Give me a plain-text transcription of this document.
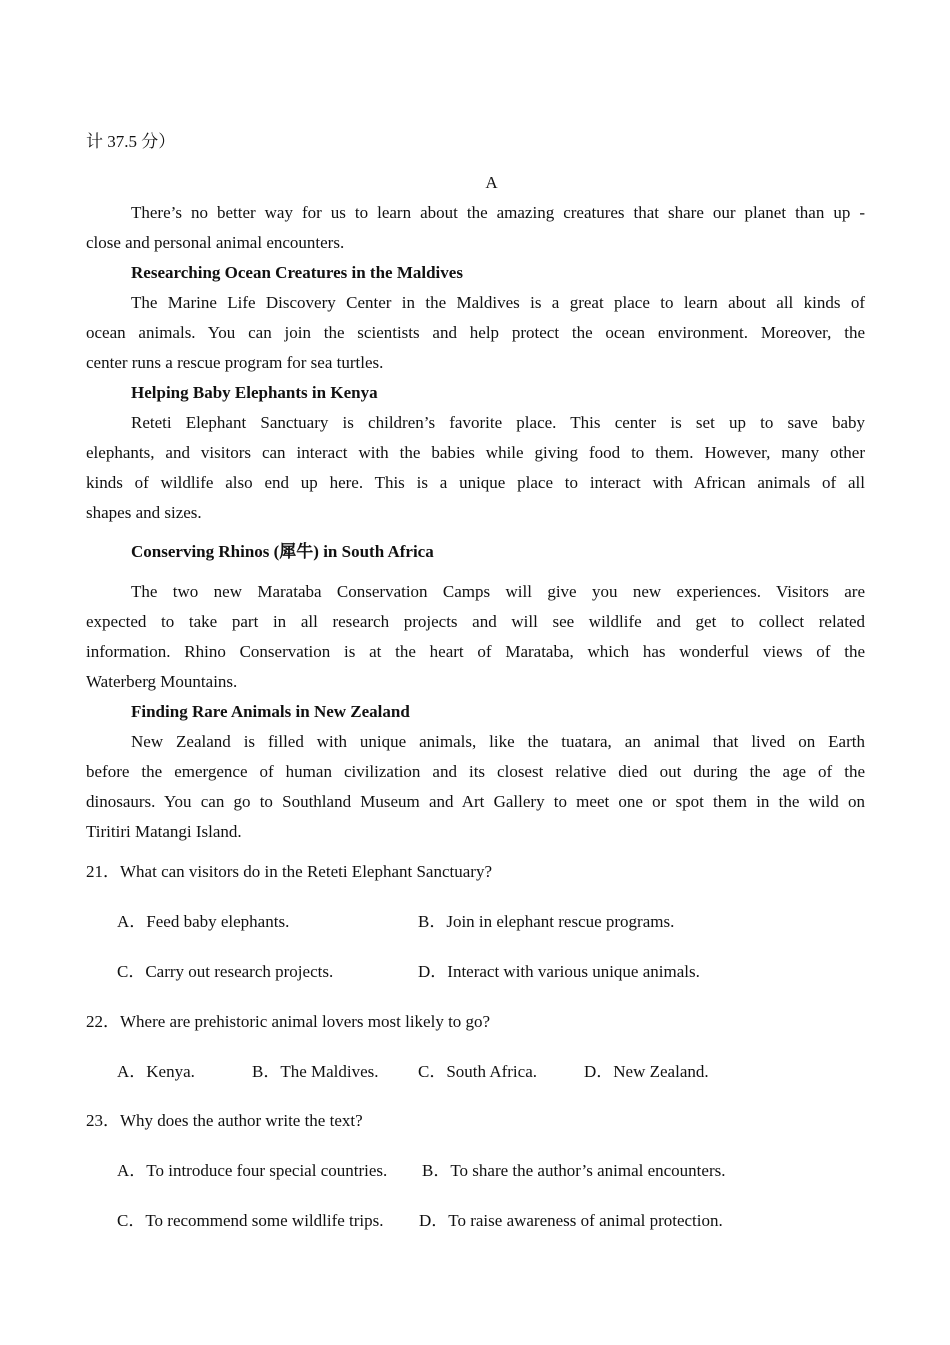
计 37.5 分）
A
There’s no better way for us to learn about the amazing creatures that share our planet than up -
close and personal animal encounters.
Researching Ocean Creatures in the Maldives
The Marine Life Discovery Center in the Maldives is a great place to learn about all kinds of
ocean animals. You can join the scientists and help protect the ocean environment. Moreover, the
center runs a rescue program for sea turtles.
Helping Baby Elephants in Kenya
Reteti Elephant Sanctuary is children’s favorite place. This center is set up to save baby
elephants, and visitors can interact with the babies while giving food to them. However, many other
kinds of wildlife also end up here. This is a unique place to interact with African animals of all
shapes and sizes.
Conserving Rhinos (犀牛) in South Africa
The two new Marataba Conservation Camps will give you new experiences. Visitors are
expected to take part in all research projects and will see wildlife and get to collect related
information. Rhino Conservation is at the heart of Marataba, which has wonderful views of the
Waterberg Mountains.
Finding Rare Animals in New Zealand
New Zealand is filled with unique animals, like the tuatara, an animal that lived on Earth
before the emergence of human civilization and its closest relative died out during the age of the
dinosaurs. You can go to Southland Museum and Art Gallery to meet one or spot them in the wild on
Tiritiri Matangi Island.
21．What can visitors do in the Reteti Elephant Sanctuary?
A．Feed baby elephants.	B．Join in elephant rescue programs.
C．Carry out research projects.	D．Interact with various unique animals.
22．Where are prehistoric animal lovers most likely to go?
A．Kenya.	B．The Maldives. C．South Africa.	D．New Zealand.
23．Why does the author write the text?
A．To introduce four special countries. B．To share the author’s animal encounters.
C．To recommend some wildlife trips. D．To raise awareness of animal protection.
